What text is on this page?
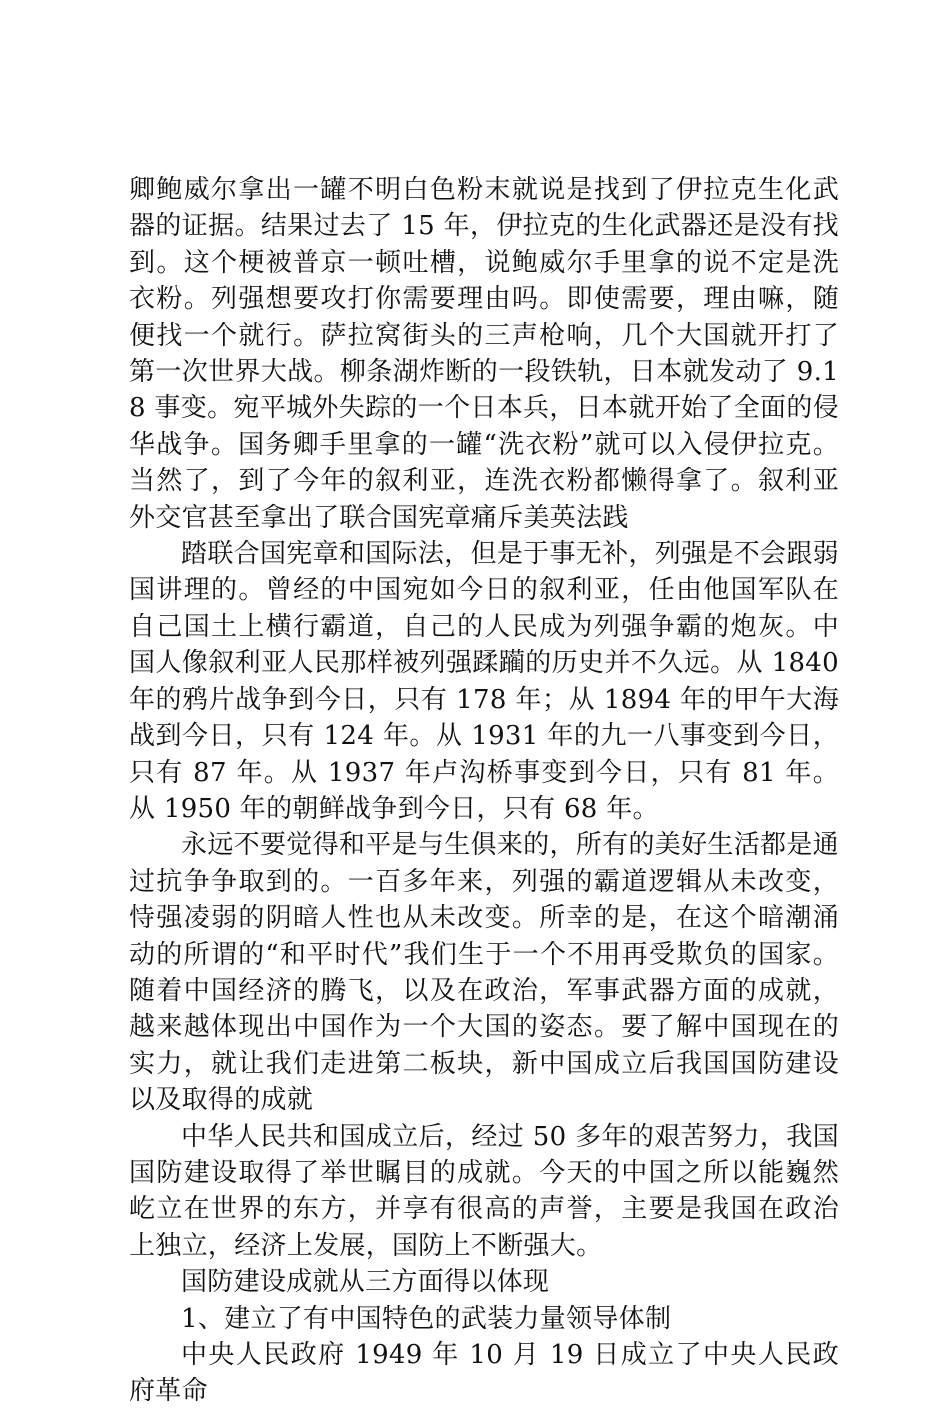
卿鲍威尔拿出一罐不明白色粉末就说是找到了伊拉克生化武器的证据。结果过去了 15 年，伊拉克的生化武器还是没有找到。这个梗被普京一顿吐槽，说鲍威尔手里拿的说不定是洗衣粉。列强想要攻打你需要理由吗。即使需要，理由嘛，随便找一个就行。萨拉窝街头的三声枪响，几个大国就开打了第一次世界大战。柳条湖炸断的一段铁轨，日本就发动了 9.18 事变。宛平城外失踪的一个日本兵，日本就开始了全面的侵华战争。国务卿手里拿的一罐“洗衣粉”就可以入侵伊拉克。当然了，到了今年的叙利亚，连洗衣粉都懒得拿了。叙利亚外交官甚至拿出了联合国宪章痛斥美英法践

踏联合国宪章和国际法，但是于事无补，列强是不会跟弱国讲理的。曾经的中国宛如今日的叙利亚，任由他国军队在自己国土上横行霸道，自己的人民成为列强争霸的炮灰。中国人像叙利亚人民那样被列强蹂躏的历史并不久远。从 1840 年的鸦片战争到今日，只有 178 年；从 1894 年的甲午大海战到今日，只有 124 年。从 1931 年的九一八事变到今日，只有 87 年。从 1937 年卢沟桥事变到今日，只有 81 年。从 1950 年的朝鲜战争到今日，只有 68 年。

永远不要觉得和平是与生俱来的，所有的美好生活都是通过抗争争取到的。一百多年来，列强的霸道逻辑从未改变，恃强凌弱的阴暗人性也从未改变。所幸的是，在这个暗潮涌动的所谓的“和平时代”我们生于一个不用再受欺负的国家。随着中国经济的腾飞，以及在政治，军事武器方面的成就，越来越体现出中国作为一个大国的姿态。要了解中国现在的实力，就让我们走进第二板块，新中国成立后我国国防建设以及取得的成就

中华人民共和国成立后，经过 50 多年的艰苦努力，我国国防建设取得了举世瞩目的成就。今天的中国之所以能巍然屹立在世界的东方，并享有很高的声誉，主要是我国在政治上独立，经济上发展，国防上不断强大。

国防建设成就从三方面得以体现

1、建立了有中国特色的武装力量领导体制

中央人民政府 1949 年 10 月 19 日成立了中央人民政府革命
